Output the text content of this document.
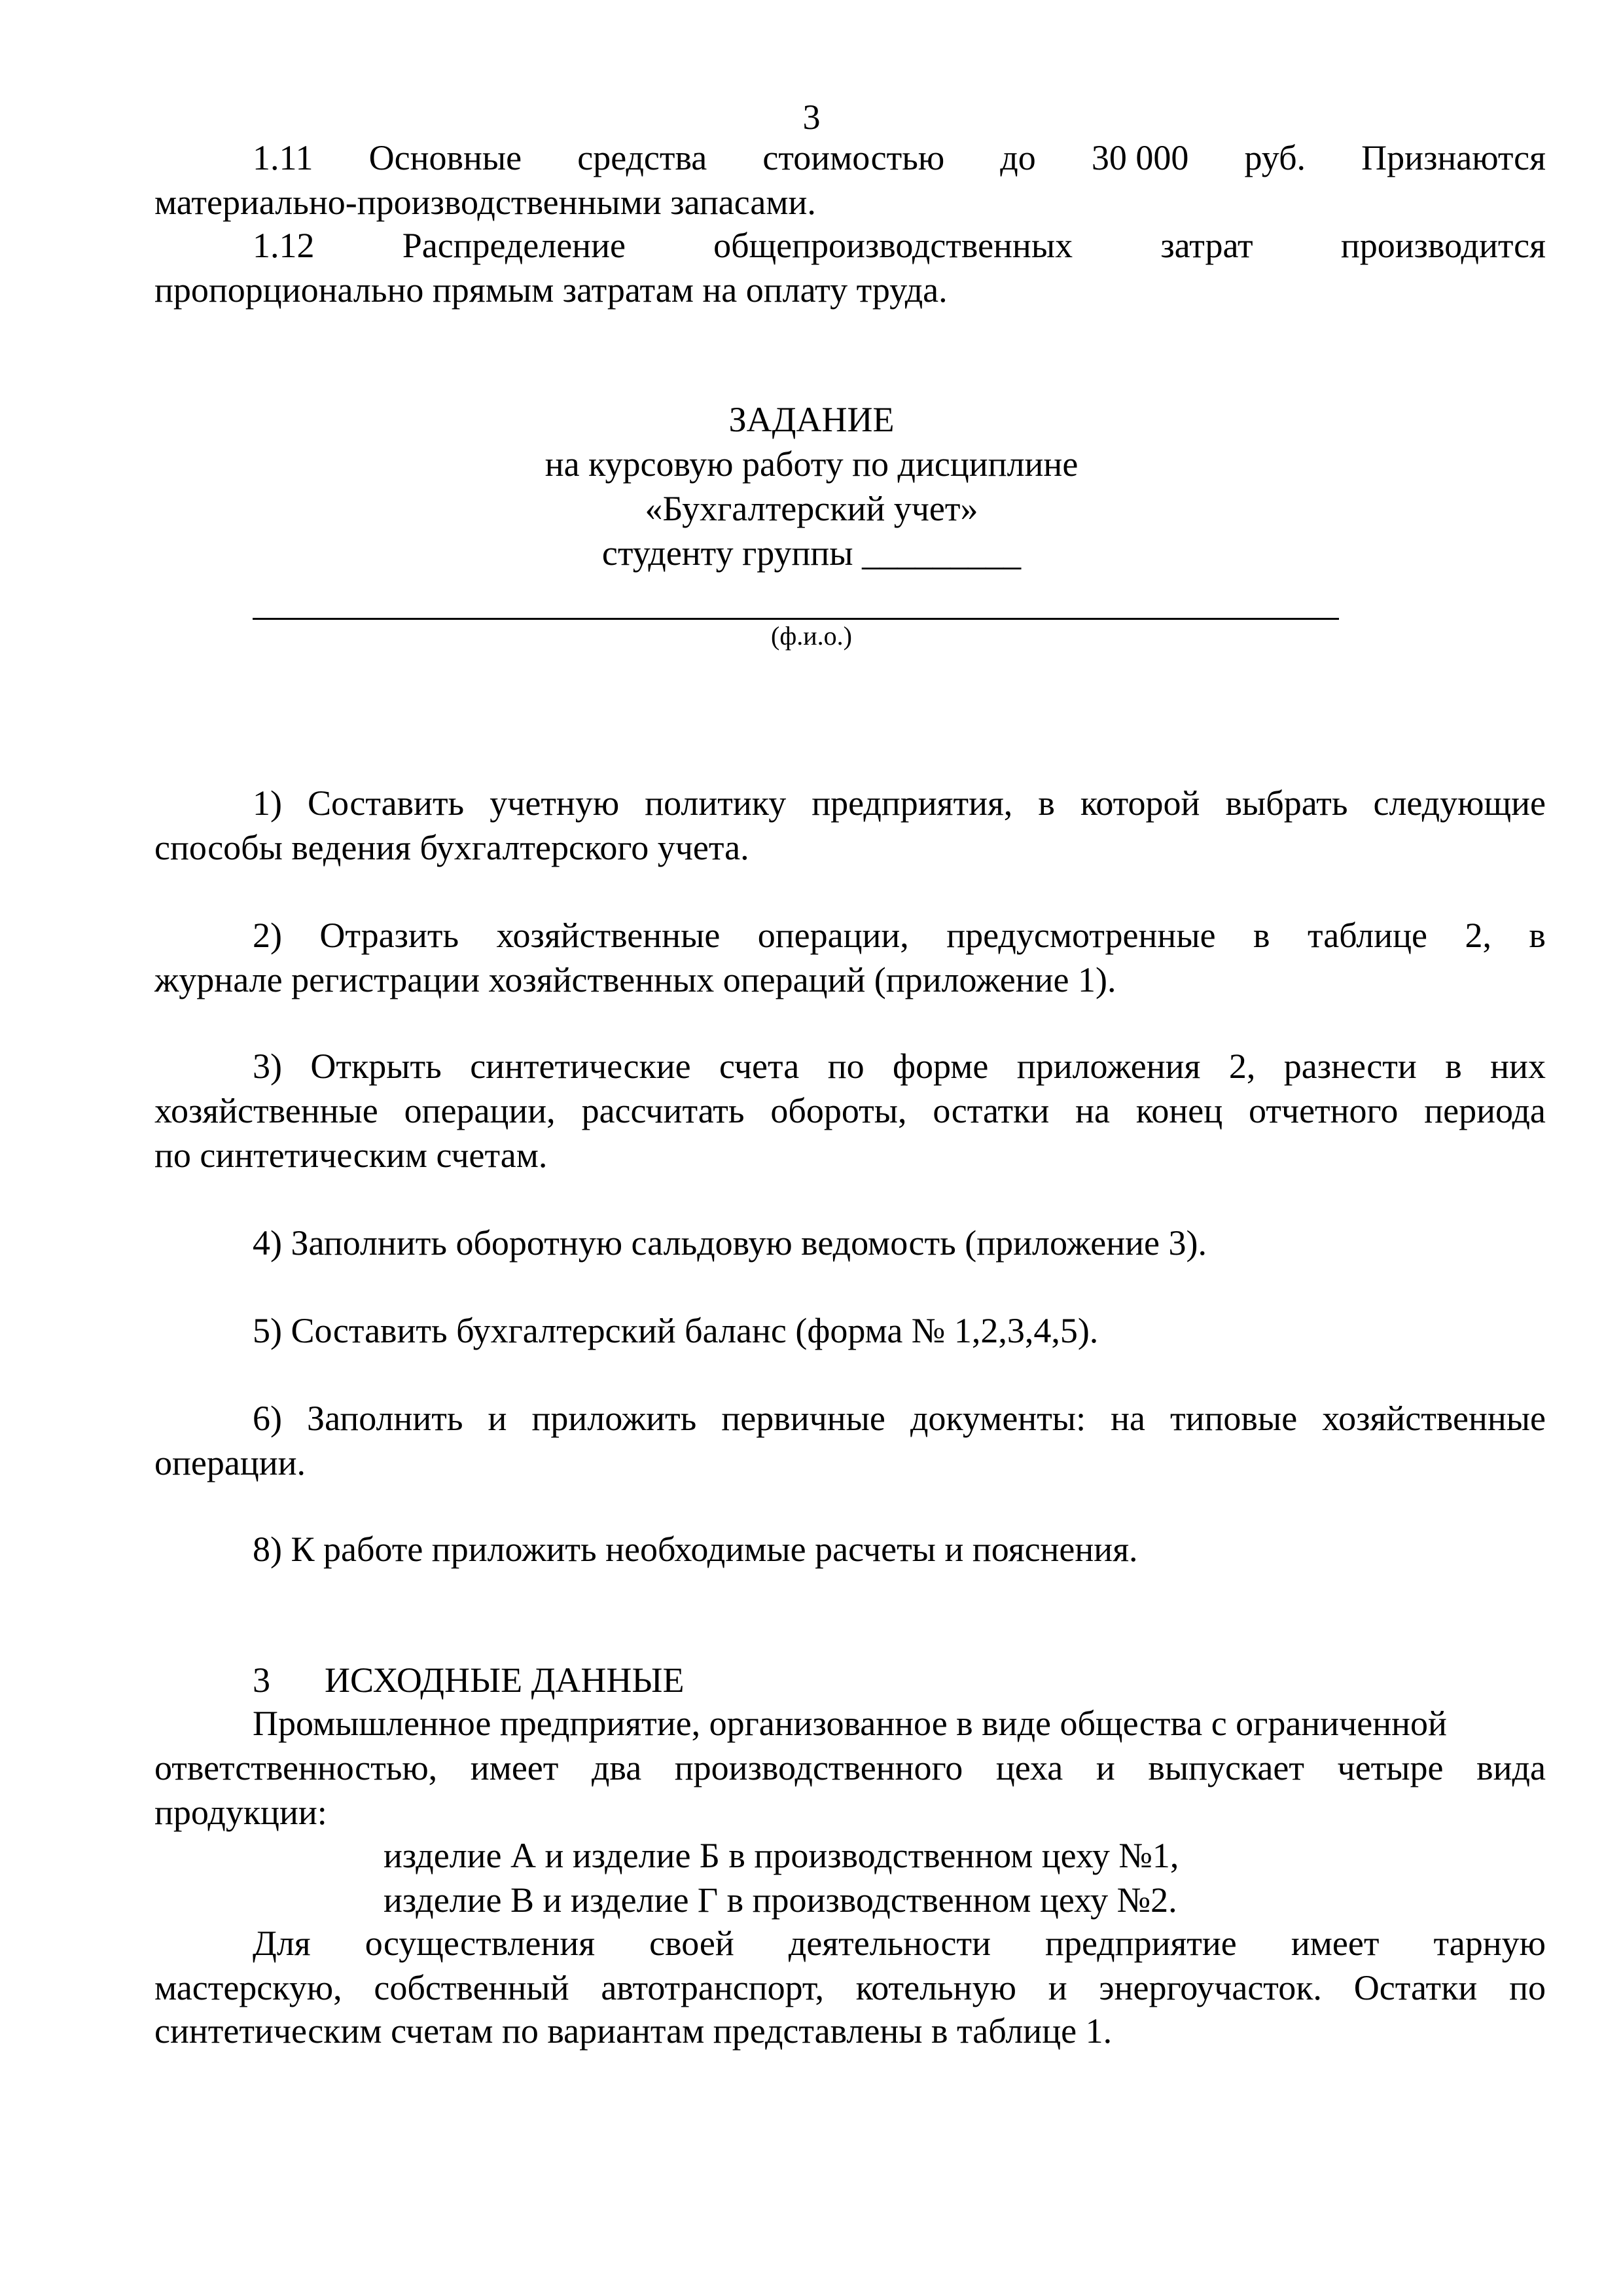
3
1.11 Основные средства стоимостью до 30 000 руб. Признаются
материально-производственными запасами.
1.12 Распределение общепроизводственных затрат производится
пропорционально прямым затратам на оплату труда.
ЗАДАНИЕ
на курсовую работу по дисциплине
«Бухгалтерский учет»
студенту группы _________
(ф.и.о.)
1) Составить учетную политику предприятия, в которой выбрать следующие
способы ведения бухгалтерского учета.
2) Отразить хозяйственные операции, предусмотренные в таблице 2, в
журнале регистрации хозяйственных операций (приложение 1).
3) Открыть синтетические счета по форме приложения 2, разнести в них
хозяйственные операции, рассчитать обороты, остатки на конец отчетного периода
по синтетическим счетам.
4) Заполнить оборотную сальдовую ведомость (приложение 3).
5) Составить бухгалтерский баланс (форма № 1,2,3,4,5).
6) Заполнить и приложить первичные документы: на типовые хозяйственные
операции.
8) К работе приложить необходимые расчеты и пояснения.
3 ИСХОДНЫЕ ДАННЫЕ
Промышленное предприятие, организованное в виде общества с ограниченной
ответственностью, имеет два производственного цеха и выпускает четыре вида
продукции:
изделие А и изделие Б в производственном цеху №1,
изделие В и изделие Г в производственном цеху №2.
Для осуществления своей деятельности предприятие имеет тарную
мастерскую, собственный автотранспорт, котельную и энергоучасток. Остатки по
синтетическим счетам по вариантам представлены в таблице 1.
